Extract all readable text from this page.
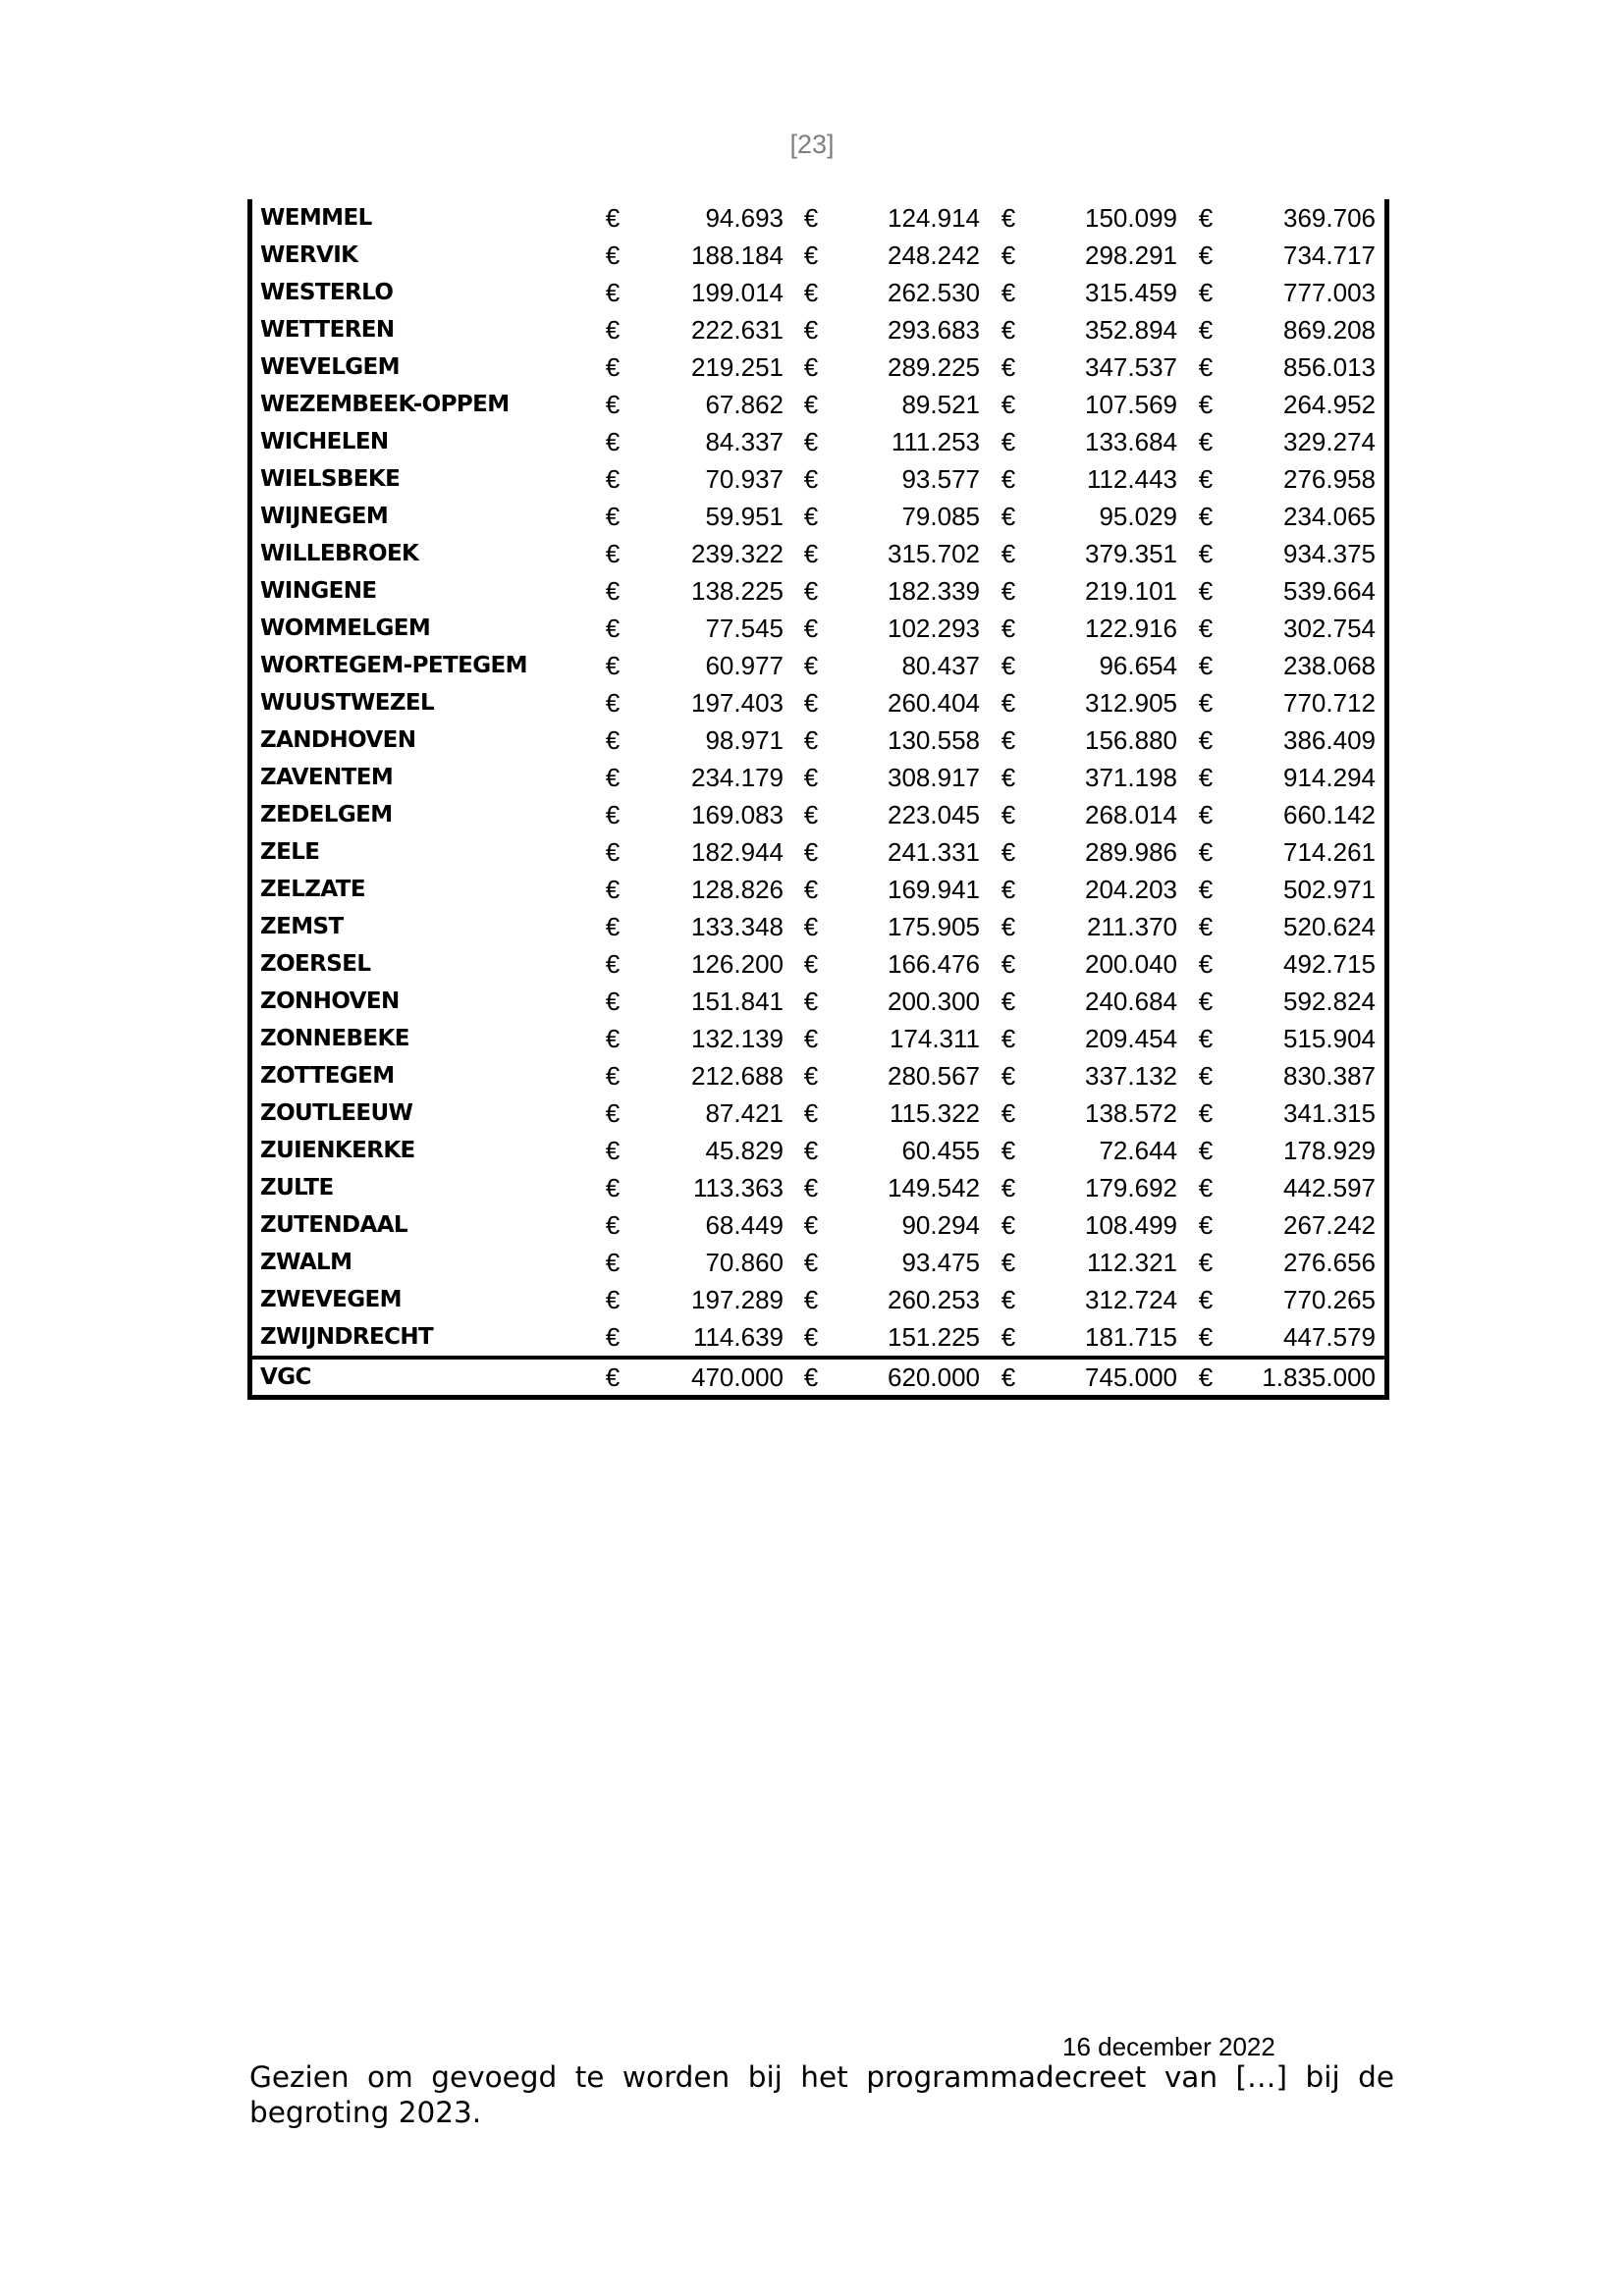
[23]
WEMMEL	€	94.693 €	124.914 €	150.099 €	369.706
WERVIK	€	188.184 €	248.242 €	298.291 €	734.717
WESTERLO	€	199.014 €	262.530 €	315.459 €	777.003
WETTEREN	€	222.631 €	293.683 €	352.894 €	869.208
WEVELGEM	€	219.251 €	289.225 €	347.537 €	856.013
WEZEMBEEK-OPPEM	€	67.862 €	89.521 €	107.569 €	264.952
WICHELEN	€	84.337 €	111.253 €	133.684 €	329.274
WIELSBEKE	€	70.937 €	93.577 €	112.443 €	276.958
WIJNEGEM	€	59.951 €	79.085 €	95.029 €	234.065
WILLEBROEK	€	239.322 €	315.702 €	379.351 €	934.375
WINGENE	€	138.225 €	182.339 €	219.101 €	539.664
WOMMELGEM	€	77.545 €	102.293 €	122.916 €	302.754
WORTEGEM-PETEGEM	€	60.977 €	80.437 €	96.654 €	238.068
WUUSTWEZEL	€	197.403 €	260.404 €	312.905 €	770.712
ZANDHOVEN	€	98.971 €	130.558 €	156.880 €	386.409
ZAVENTEM	€	234.179 €	308.917 €	371.198 €	914.294
ZEDELGEM	€	169.083 €	223.045 €	268.014 €	660.142
ZELE	€	182.944 €	241.331 €	289.986 €	714.261
ZELZATE	€	128.826 €	169.941 €	204.203 €	502.971
ZEMST	€	133.348 €	175.905 €	211.370 €	520.624
ZOERSEL	€	126.200 €	166.476 €	200.040 €	492.715
ZONHOVEN	€	151.841 €	200.300 €	240.684 €	592.824
ZONNEBEKE	€	132.139 €	174.311 €	209.454 €	515.904
ZOTTEGEM	€	212.688 €	280.567 €	337.132 €	830.387
ZOUTLEEUW	€	87.421 €	115.322 €	138.572 €	341.315
ZUIENKERKE	€	45.829 €	60.455 €	72.644 €	178.929
ZULTE	€	113.363 €	149.542 €	179.692 €	442.597
ZUTENDAAL	€	68.449 €	90.294 €	108.499 €	267.242
ZWALM	€	70.860 €	93.475 €	112.321 €	276.656
ZWEVEGEM	€	197.289 €	260.253 €	312.724 €	770.265
ZWIJNDRECHT	€	114.639 €	151.225 €	181.715 €	447.579
VGC	€	470.000 €	620.000 €	745.000 € 1.835.000
16 december 2022
Gezien om gevoegd te worden bij het programmadecreet van […] bij de begroting 2023.
